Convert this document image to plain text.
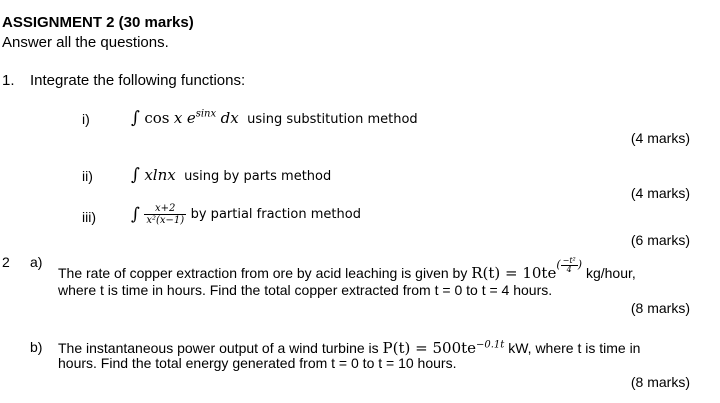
ASSIGNMENT 2 (30 marks)
Answer all the questions.
1. Integrate the following functions:
i) ∫ cos x $e^{sinx}$ dx using substitution method
(4 marks)
ii) ∫ xlnx using by parts method
(4 marks)
iii) ∫ $\frac{x+2}{\text{x²(x−1)}}$ by partial fraction method
(6 marks)
2 a)
The rate of copper extraction from ore by acid leaching is given by $R(t) = 10te^{( \frac{\text{−t²}}{4} )}$ kg/hour,
where t is time in hours. Find the total copper extracted from t = 0 to t = 4 hours.
(8 marks)
b) The instantaneous power output of a wind turbine is $P(t) = 500te^{-0.1t}$ kW, where t is time in
hours. Find the total energy generated from t = 0 to t = 10 hours.
(8 marks)
